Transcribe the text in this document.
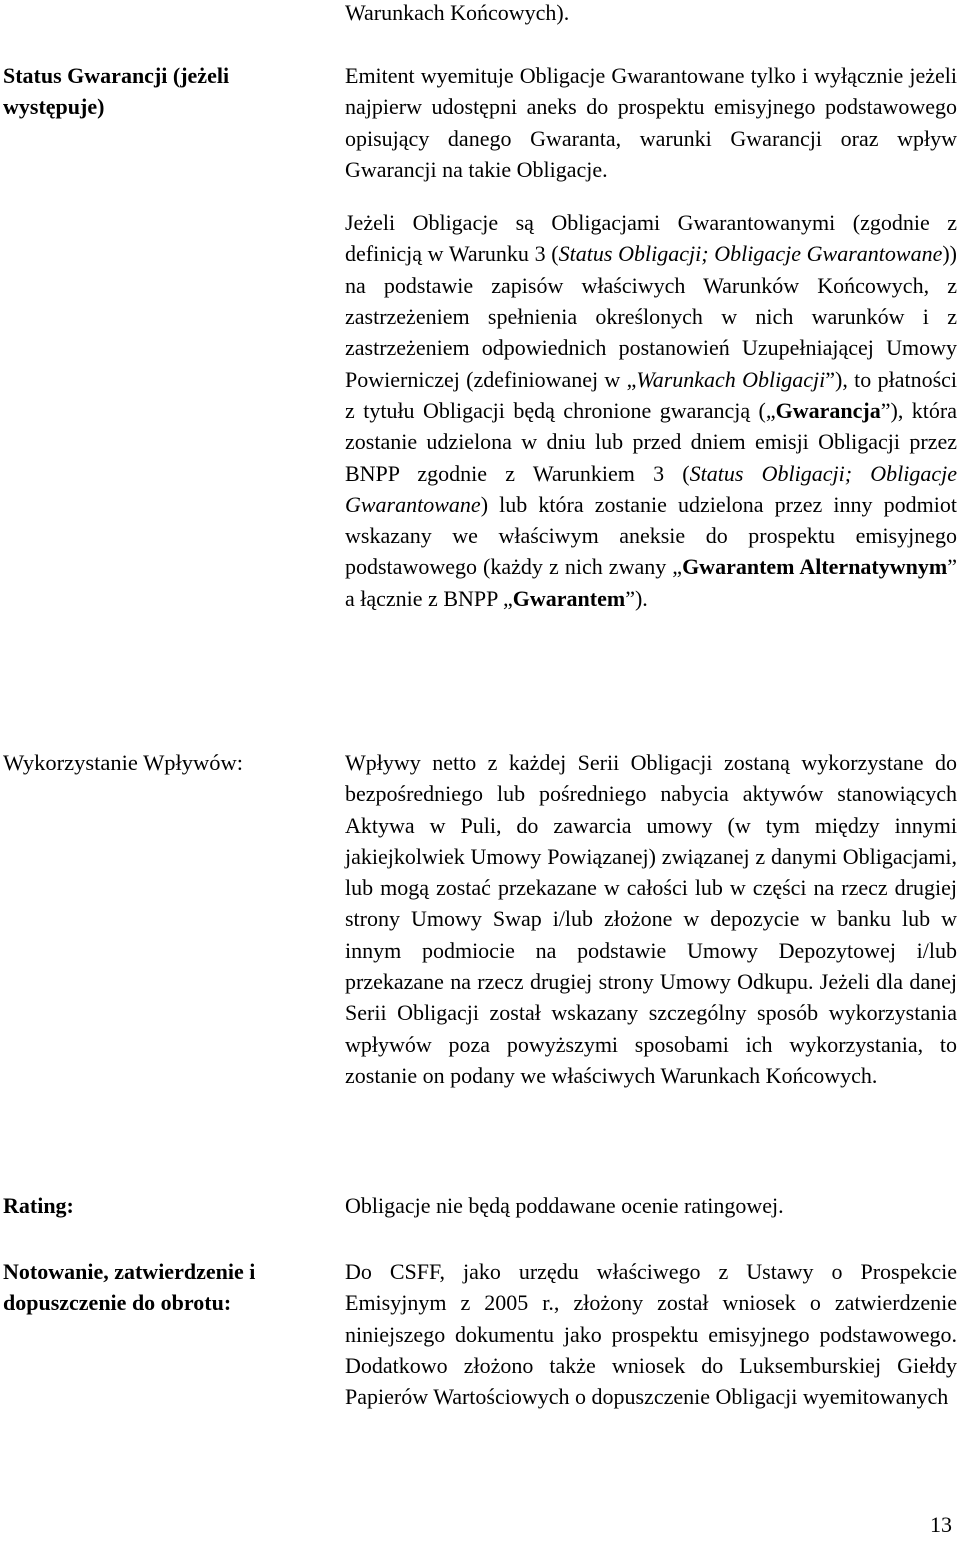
Warunkach Końcowych).

Status Gwarancji (jeżeli
występuje)

Emitent wyemituje Obligacje Gwarantowane tylko i wyłącznie jeżeli najpierw udostępni aneks do prospektu emisyjnego podstawowego opisujący danego Gwaranta, warunki Gwarancji oraz wpływ Gwarancji na takie Obligacje.

Jeżeli Obligacje są Obligacjami Gwarantowanymi (zgodnie z definicją w Warunku 3 (Status Obligacji; Obligacje Gwarantowane)) na podstawie zapisów właściwych Warunków Końcowych, z zastrzeżeniem spełnienia określonych w nich warunków i z zastrzeżeniem odpowiednich postanowień Uzupełniającej Umowy Powierniczej (zdefiniowanej w „Warunkach Obligacji”), to płatności z tytułu Obligacji będą chronione gwarancją („Gwarancja”), która zostanie udzielona w dniu lub przed dniem emisji Obligacji przez BNPP zgodnie z Warunkiem 3 (Status Obligacji; Obligacje Gwarantowane) lub która zostanie udzielona przez inny podmiot wskazany we właściwym aneksie do prospektu emisyjnego podstawowego (każdy z nich zwany „Gwarantem Alternatywnym” a łącznie z BNPP „Gwarantem”).

Wykorzystanie Wpływów:	Wpływy netto z każdej Serii Obligacji zostaną wykorzystane do bezpośredniego lub pośredniego nabycia aktywów stanowiących Aktywa w Puli, do zawarcia umowy (w tym między innymi jakiejkolwiek Umowy Powiązanej) związanej z danymi Obligacjami, lub mogą zostać przekazane w całości lub w części na rzecz drugiej strony Umowy Swap i/lub złożone w depozycie w banku lub w innym podmiocie na podstawie Umowy Depozytowej i/lub przekazane na rzecz drugiej strony Umowy Odkupu. Jeżeli dla danej Serii Obligacji został wskazany szczególny sposób wykorzystania wpływów poza powyższymi sposobami ich wykorzystania, to zostanie on podany we właściwych Warunkach Końcowych.

Rating:	Obligacje nie będą poddawane ocenie ratingowej.

Notowanie, zatwierdzenie i
dopuszczenie do obrotu:

Do CSFF, jako urzędu właściwego z Ustawy o Prospekcie Emisyjnym z 2005 r., złożony został wniosek o zatwierdzenie niniejszego dokumentu jako prospektu emisyjnego podstawowego. Dodatkowo złożono także wniosek do Luksemburskiej Giełdy Papierów Wartościowych o dopuszczenie Obligacji wyemitowanych

13
